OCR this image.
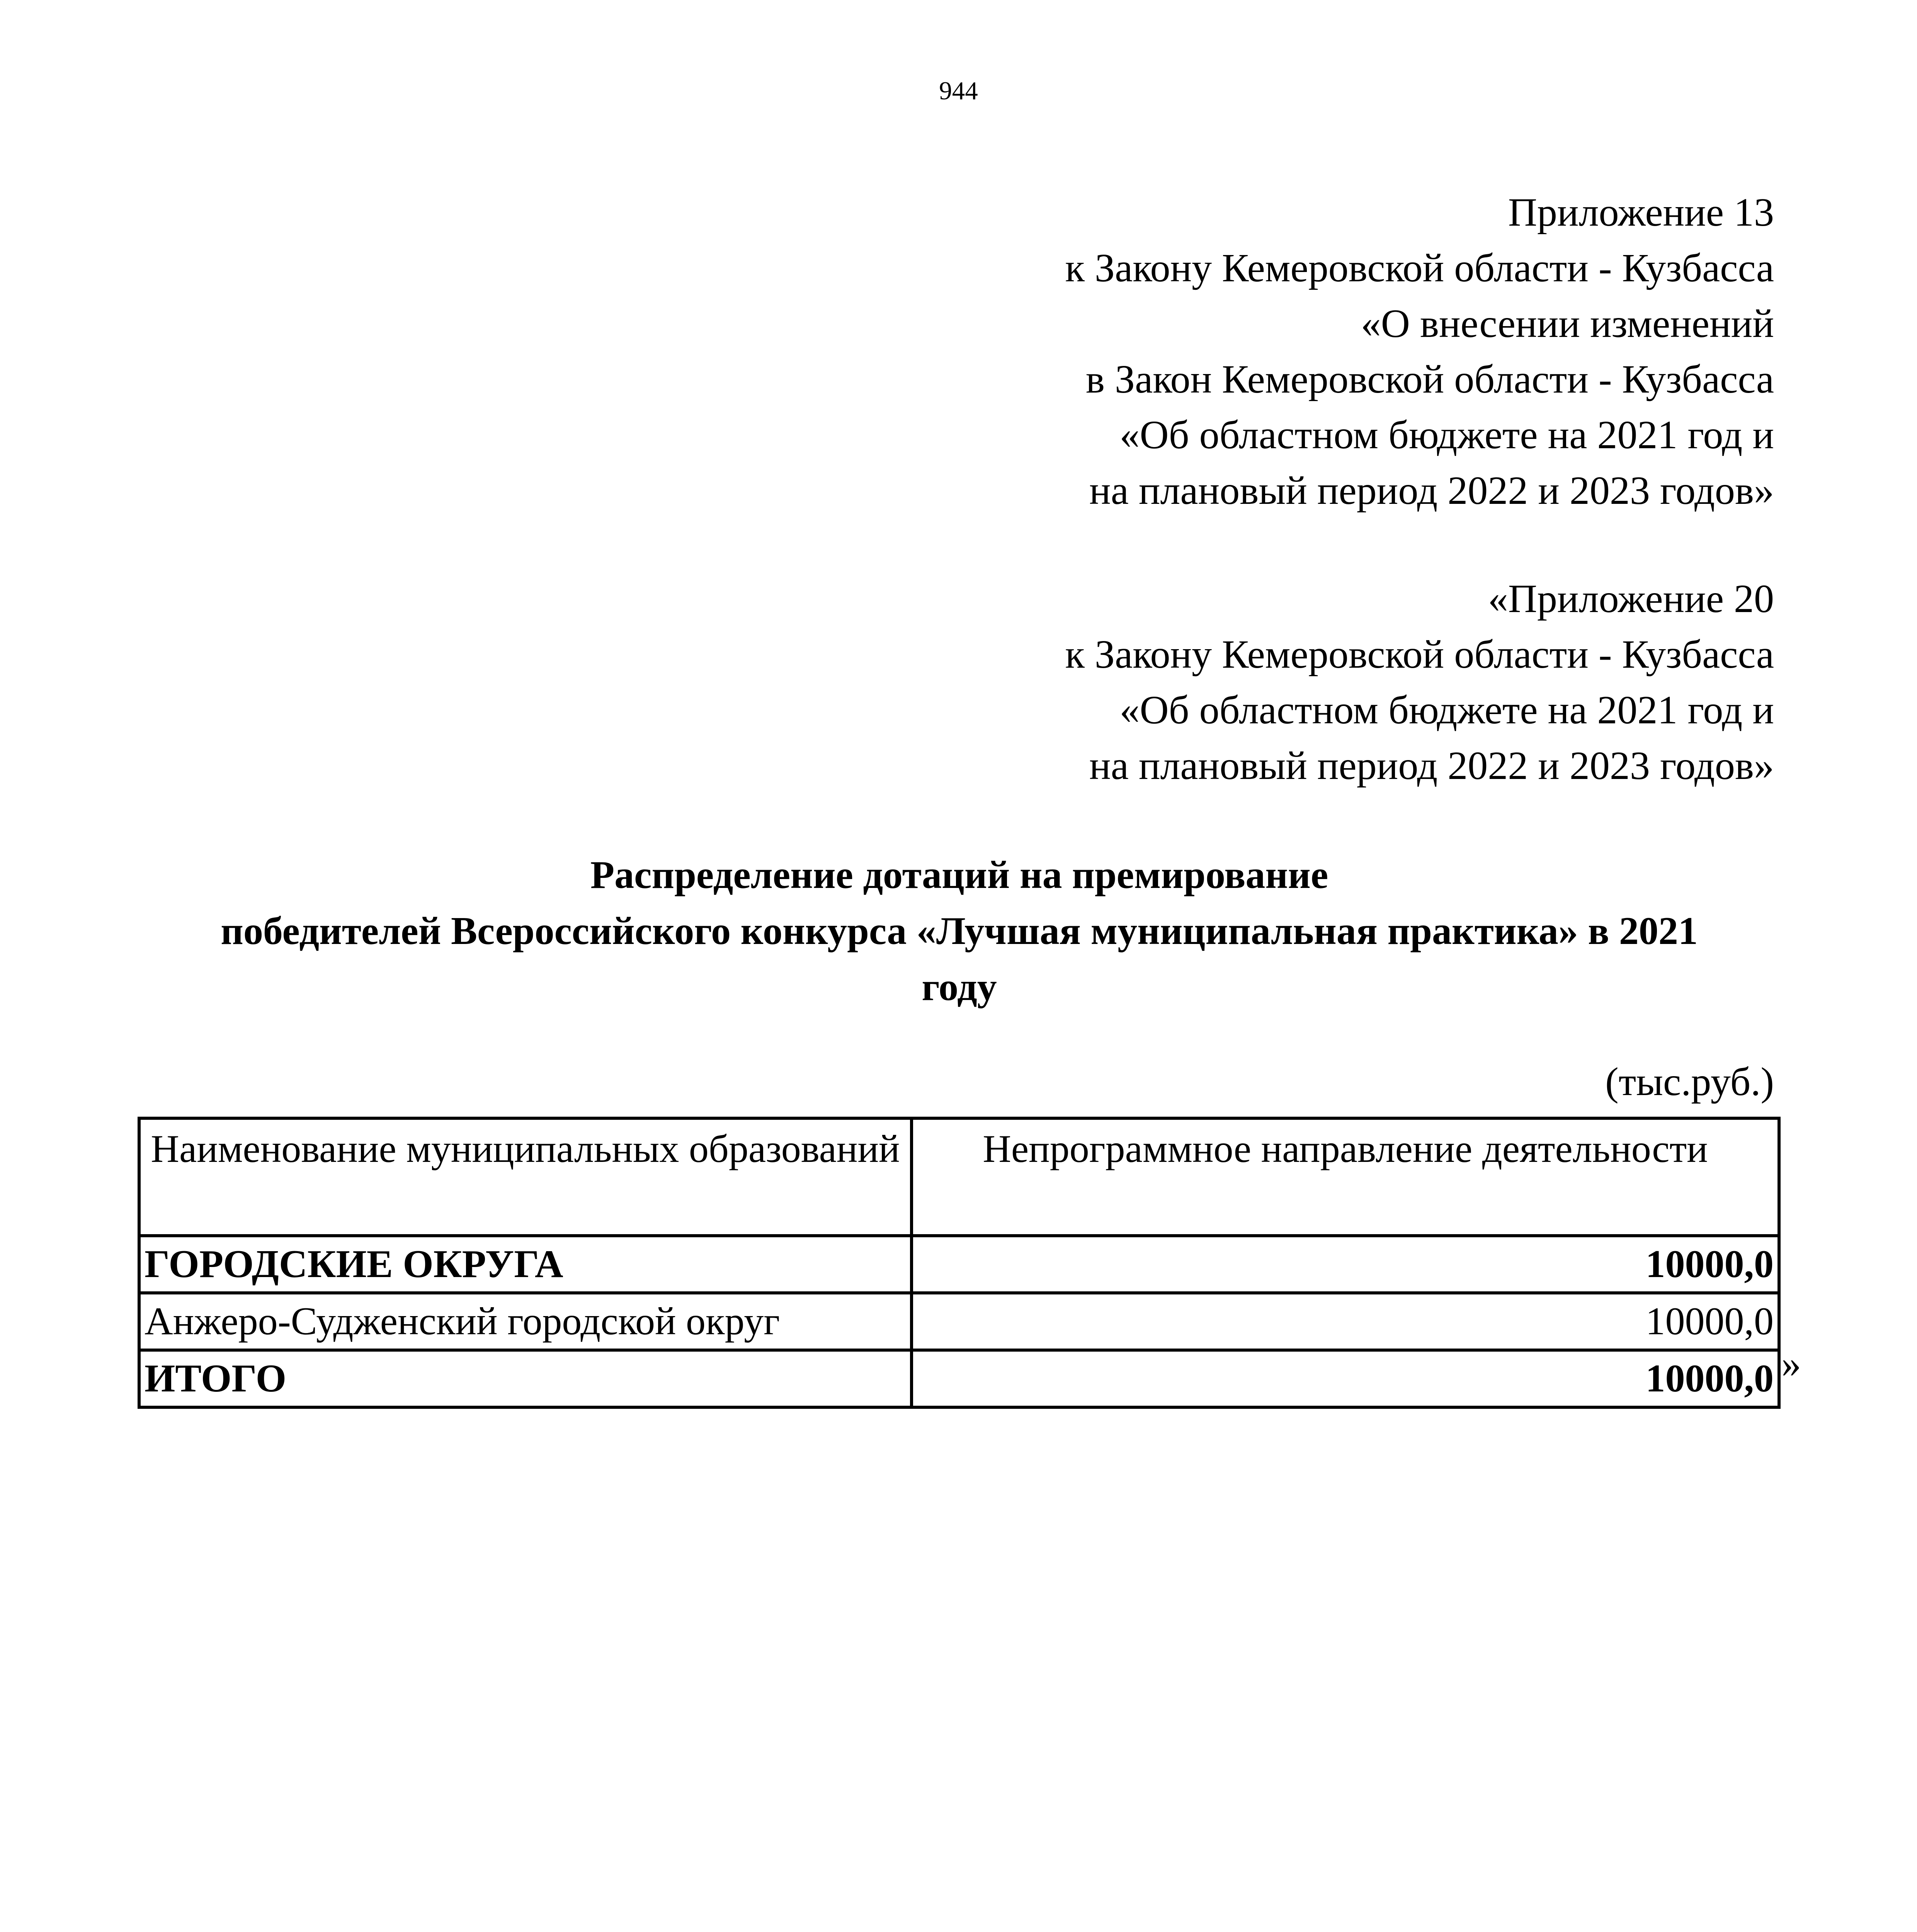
944
Приложение 13
к Закону Кемеровской области - Кузбасса
«О внесении изменений
в Закон Кемеровской области - Кузбасса
«Об областном бюджете на 2021 год и
на плановый период 2022 и 2023 годов»
«Приложение 20
к Закону Кемеровской области - Кузбасса
«Об областном бюджете на 2021 год и
на плановый период 2022 и 2023 годов»
Распределение дотаций на премирование
победителей Всероссийского конкурса «Лучшая муниципальная практика» в 2021
году
(тыс.руб.)
Наименование муниципальных образований	Непрограммное направление деятельности
ГОРОДСКИЕ ОКРУГА	10000,0
Анжеро-Судженский городской округ	10000,0
ИТОГО	10000,0 »
